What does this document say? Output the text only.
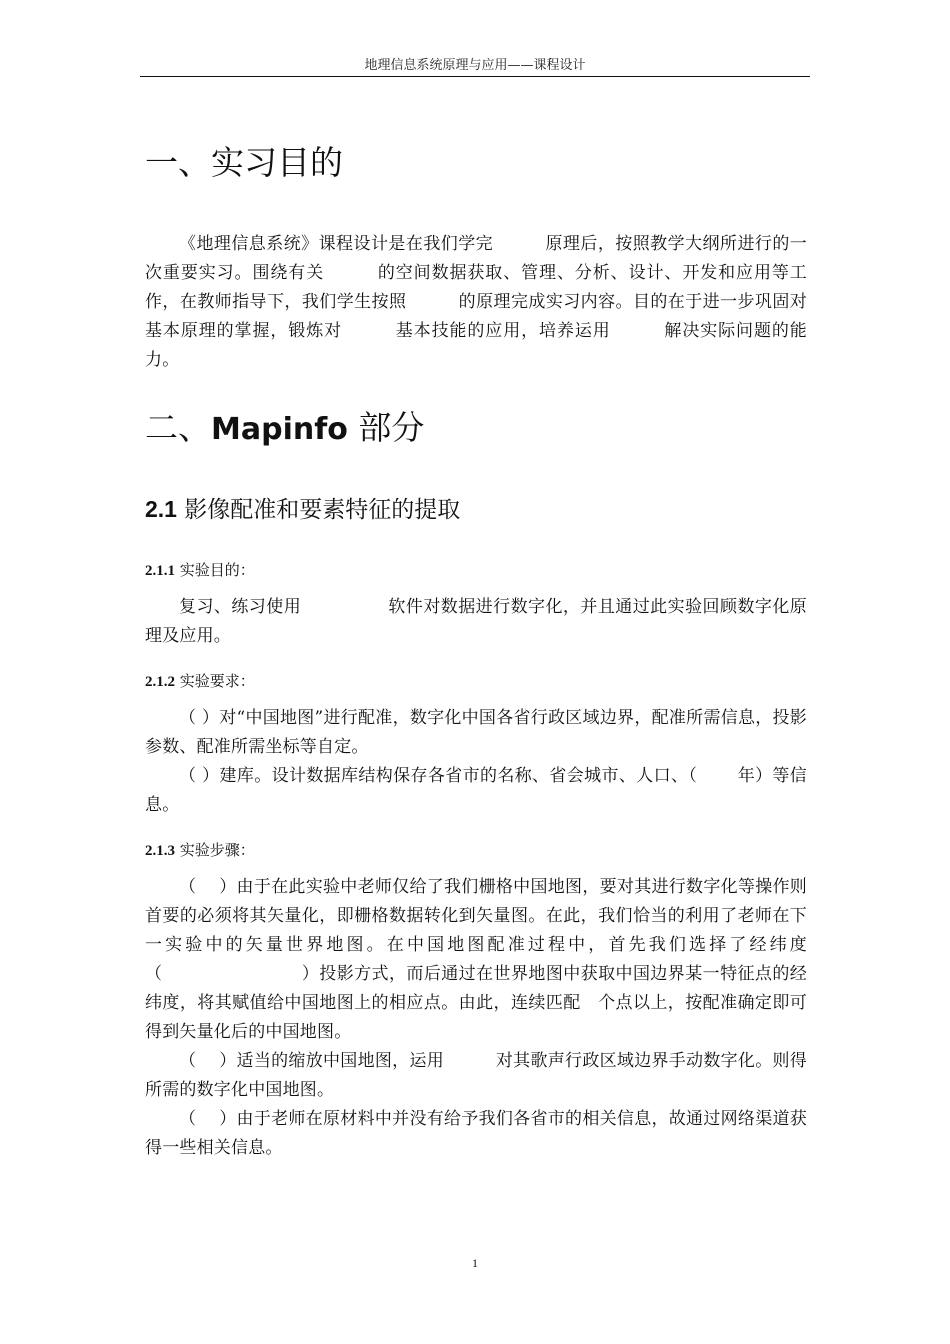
地理信息系统原理与应用——课程设计
一、实习目的

《地理信息系统》课程设计是在我们学完　　　原理后，按照教学大纲所进行的一次重要实习。围绕有关　　　的空间数据获取、管理、分析、设计、开发和应用等工作，在教师指导下，我们学生按照　　　的原理完成实习内容。目的在于进一步巩固对　　　基本原理的掌握，锻炼对　　　基本技能的应用，培养运用　　　解决实际问题的能力。

二、Mapinfo 部分
2.1 影像配准和要素特征的提取
2.1.1 实验目的：

复习、练习使用　　　　　软件对数据进行数字化，并且通过此实验回顾数字化原理及应用。

2.1.2 实验要求：

（ ）对“中国地图”进行配准，数字化中国各省行政区域边界，配准所需信息，投影参数、配准所需坐标等自定。

（ ）建库。设计数据库结构保存各省市的名称、省会城市、人口、（　　 年）等信息。

2.1.3 实验步骤：

（　 ）由于在此实验中老师仅给了我们栅格中国地图，要对其进行数字化等操作则首要的必须将其矢量化，即栅格数据转化到矢量图。在此，我们恰当的利用了老师在下一实验中的矢量世界地图。在中国地图配准过程中，首先我们选择了经纬度（　　　　　　　　）投影方式，而后通过在世界地图中获取中国边界某一特征点的经纬度，将其赋值给中国地图上的相应点。由此，连续匹配　个点以上，按配准确定即可得到矢量化后的中国地图。

（　 ）适当的缩放中国地图，运用　　　对其歌声行政区域边界手动数字化。则得所需的数字化中国地图。

（　 ）由于老师在原材料中并没有给予我们各省市的相关信息，故通过网络渠道获得一些相关信息。

1
